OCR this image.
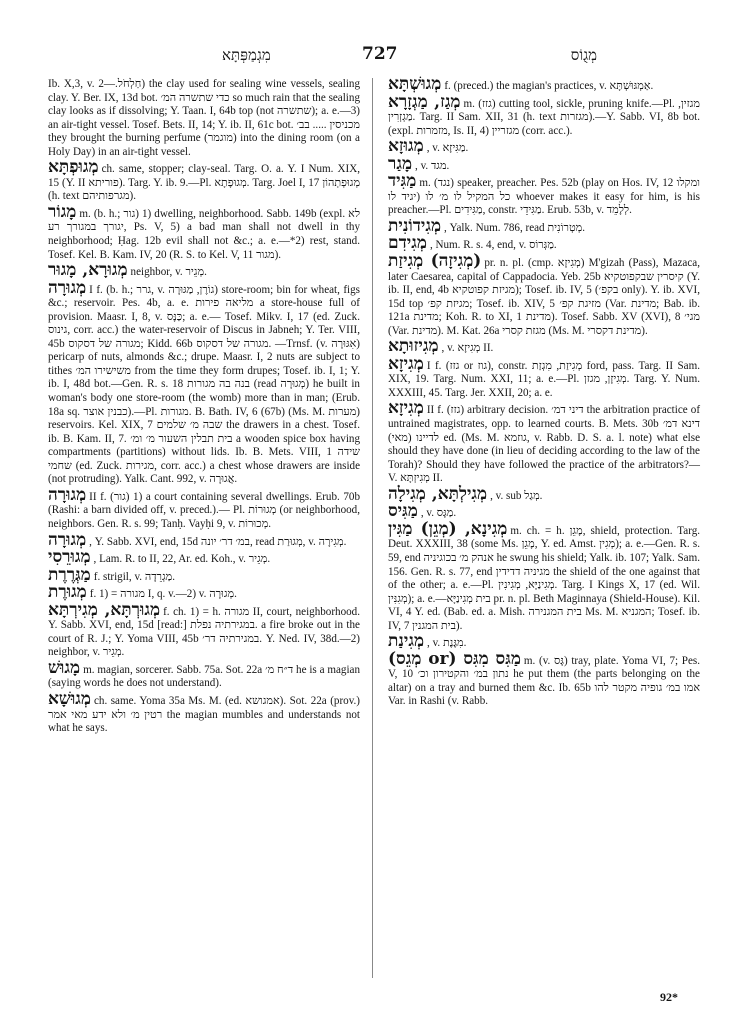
מִגְמַפְּתָּא	727	מְגֻוֹס

Ib. X,3, v. חַלְחֹל.—2) the clay used for sealing wine vessels, sealing clay. Y. Ber. IX, 13d bot. כדי שתשרה המ׳ so much rain that the sealing clay looks as if dissolving; Y. Taan. I, 64b top (not שתשרה); a. e.—3) an air-tight vessel. Tosef. Bets. II, 14; Y. ib. II, 61c bot. מכניסין ..... בב׳ they brought the burning perfume (מוגמר) into the dining room (on a Holy Day) in an air-tight vessel.

מְגוּפְתָּא ch. same, stopper; clay-seal. Targ. O. a. Y. I Num. XIX, 15 (Y. II פוריתא). Targ. Y. ib. 9.—Pl. מְגוּפָתָא. Targ. Joel I, 17 מְגוּפְתְהוֹן (h. text מגרפותיהם).

מָגוֹר m. (b. h.; גור) 1) dwelling, neighborhood. Sabb. 149b (expl. לא יגורך במגורך רע, Ps. V, 5) a bad man shall not dwell in thy neighborhood; Ḥag. 12b evil shall not &c.; a. e.—*2) rest, stand. Tosef. Kel. B. Kam. IV, 20 (R. S. to Kel. V, 11 מגור).

מְגוּרָא, מָגוּר neighbor, v. מְגֵיר.

מְגוּרָה I f. (b. h.; גרר, v. גוֹרֶן, מַגּוּרָה) store-room; bin for wheat, figs &c.; reservoir. Pes. 4b, a. e. מליאה פירות a store-house full of provision. Maasr. I, 8, v. כַּנָּס; a. e.— Tosef. Mikv. I, 17 (ed. Zuck. גינוס, corr. acc.) the water-reservoir of Discus in Jabneh; Y. Ter. VIII, 45b מגורה של דסקוס; Kidd. 66b מגורה של דסקוס. —Trnsf. (v. אִגּוּרָה) pericarp of nuts, almonds &c.; drupe. Maasr. I, 2 nuts are subject to tithes משישירו המ׳ from the time they form drupes; Tosef. ib. I, 1; Y. ib. I, 48d bot.—Gen. R. s. 18 בנה בה מגורות (read מְגוּרָה) he built in woman's body one store-room (the womb) more than in man; (Erub. 18a sq. כבנין אוצר).—Pl. מגורות. B. Bath. IV, 6 (67b) (Ms. M. מערות) reservoirs. Kel. XIX, 7 שבה מ׳ שלמים the drawers in a chest. Tosef. ib. B. Kam. II, 7. בית תבלין השעור מ׳ ומ׳ a wooden spice box having compartments (partitions) without lids. Ib. B. Mets. VIII, 1 שידה שחמי (ed. Zuck. מגירות, corr. acc.) a chest whose drawers are inside (not protruding). Yalk. Cant. 992, v. אֲגוּרָה.

מְגוּרָה II f. (גור) 1) a court containing several dwellings. Erub. 70b (Rashi: a barn divided off, v. preced.).— Pl. מְגוּרוֹת (or neighborhood, neighbors. Gen. R. s. 99; Tanḥ. Vayḥi 9, v. מְכוּרוֹת.

מְגוּרָה , Y. Sabb. XVI, end, 15d במ׳ דר׳ יונה, read מְגוּרַת, v. מְגִירָה.

מְגוּרֵסִי , Lam. R. to II, 22, Ar. ed. Koh., v. מְגֵיר.

מַגְּרֶרֶת f. strigil, v. מַגְרֵדָה.

מְגוּרֶת f. 1) = מגורה I, q. v.—2) v. מְגוּרָה.

מְגוּרְתָּא, מְגִירְתָּא f. ch. 1) = h. מגורה II, court, neighborhood. Y. Sabb. XVI, end, 15d [read:] במגירתיה נפלת. a fire broke out in the court of R. J.; Y. Yoma VIII, 45b במגירתיה דר׳. Y. Ned. IV, 38d.—2) neighbor, v. מְגֵיר.

מָגוּשׁ m. magian, sorcerer. Sabb. 75a. Sot. 22a ד״ח מ׳ he is a magian (saying words he does not understand).

מְגוּשָׁא ch. same. Yoma 35a Ms. M. (ed. אמגושא). Sot. 22a (prov.) רטין מ׳ ולא ידע מאי אמר the magian mumbles and understands not what he says.

מְגוּשְׁתָּא f. (preced.) the magian's practices, v. אַמְגּוּשְׁתָּא.

מְגַז, מַגְזָרָא m. (גזז) cutting tool, sickle, pruning knife.—Pl. מגזין, מַגְזְרִין. Targ. II Sam. XII, 31 (h. text מגזרות).—Y. Sabb. VI, 8b bot. (expl. מזמרות, Is. II, 4) מגזריין (corr. acc.).

מְגוּזָא , v. מַגִּיזָא.

מָגַר , v. מגד.

מַגִּיד m. (נגד) speaker, preacher. Pes. 52b (play on Hos. IV, 12 ומקלו יגיד לו) כל המקיל לו מ׳ לו whoever makes it easy for him, is his preacher.—Pl. מַגִּידִים, constr. מַגִּידֵי. Erub. 53b, v. לְלָמֵד.

מְגִידוֹנִית , Yalk. Num. 786, read מְטְרוֹנִית.

מְגִידִם , Num. R. s. 4, end, v. מַגְּרוֹס.

(מְגִיזָה) מְגִיזַת pr. n. pl. (cmp. מְגִיזָא) M'gizah (Pass), Mazaca, later Caesarea, capital of Cappadocia. Yeb. 25b קיסרין שבקפוטקיא (Y. ib. II, end, 4b מגיזת קפוטקיא); Tosef. ib. IV, 5 (בקפ׳ only). Y. ib. XVI, 15d top מגיזת קפ׳; Tosef. ib. XIV, 5 מזיגת קפ׳ (Var. מדינת; Bab. ib. 121a מדינת; Koh. R. to XI, 1 מדינת). Tosef. Sabb. XV (XVI), 8 מגי׳ (Var. מדינת). M. Kat. 26a מגזת קסרי (Ms. M. מדינת דקסרי).

מְגִיזוּתָא , v. מְגִיזָא II.

מְגִיזָא I f. (גזז or גוז), constr. מְגִיזַת, מִגְזַת ford, pass. Targ. II Sam. XIX, 19. Targ. Num. XXI, 11; a. e.—Pl. מְגִיזָן, מגזן. Targ. Y. Num. XXXIII, 45. Targ. Jer. XXII, 20; a. e.

מְגִיזָא II f. (גזז) arbitrary decision. דיני דמ׳ the arbitration practice of untrained magistrates, opp. to learned courts. B. Mets. 30b דינא דמ׳ לדיינו (מאי) ed. (Ms. M. גוזמא, v. Rabb. D. S. a. l. note) what else should they have done (in lieu of deciding according to the law of the Torah)? Should they have followed the practice of the arbitrators?—V. מְגִיזְתָּא II.

מְגִילְתָּא, מְגִילָה , v. sub מְגַל.

מַגִּיס , v. מַגָּס.

מְגִינָא, (מְגֵן) מַגִּין m. ch. = h. מָגֵן, shield, protection. Targ. Deut. XXXIII, 38 (some Ms. מָגֵן, Y. ed. Amst. מְגִין); a. e.—Gen. R. s. 59, end אנהק מ׳ בכוגיניה he swung his shield; Yalk. ib. 107; Yalk. Sam. 156. Gen. R. s. 77, end מגיניה דדידין the shield of the one against that of the other; a. e.—Pl. מְגִינַיָּא, מְגִינִין. Targ. I Kings X, 17 (ed. Wil. מְגִנִּין); a. e.—בית מְגִינַיָּא pr. n. pl. Beth Maginnaya (Shield-House). Kil. VI, 4 Y. ed. (Bab. ed. a. Mish. בית המגנירה Ms. M. המגניא; Tosef. ib. IV, 7 בית המגנין).

מְגִינַת , v. מִגֶּנֶת.

מַגִּס מִגִּס (or מְגֵס) m. (v. גָּס) tray, plate. Yoma VI, 7; Pes. V, 10 נתון במ׳ והקטירון וכ׳ he put them (the parts belonging on the altar) on a tray and burned them &c. Ib. 65b אמו במ׳ גופיה מקטר להו Var. in Rashi (v. Rabb.

92*
